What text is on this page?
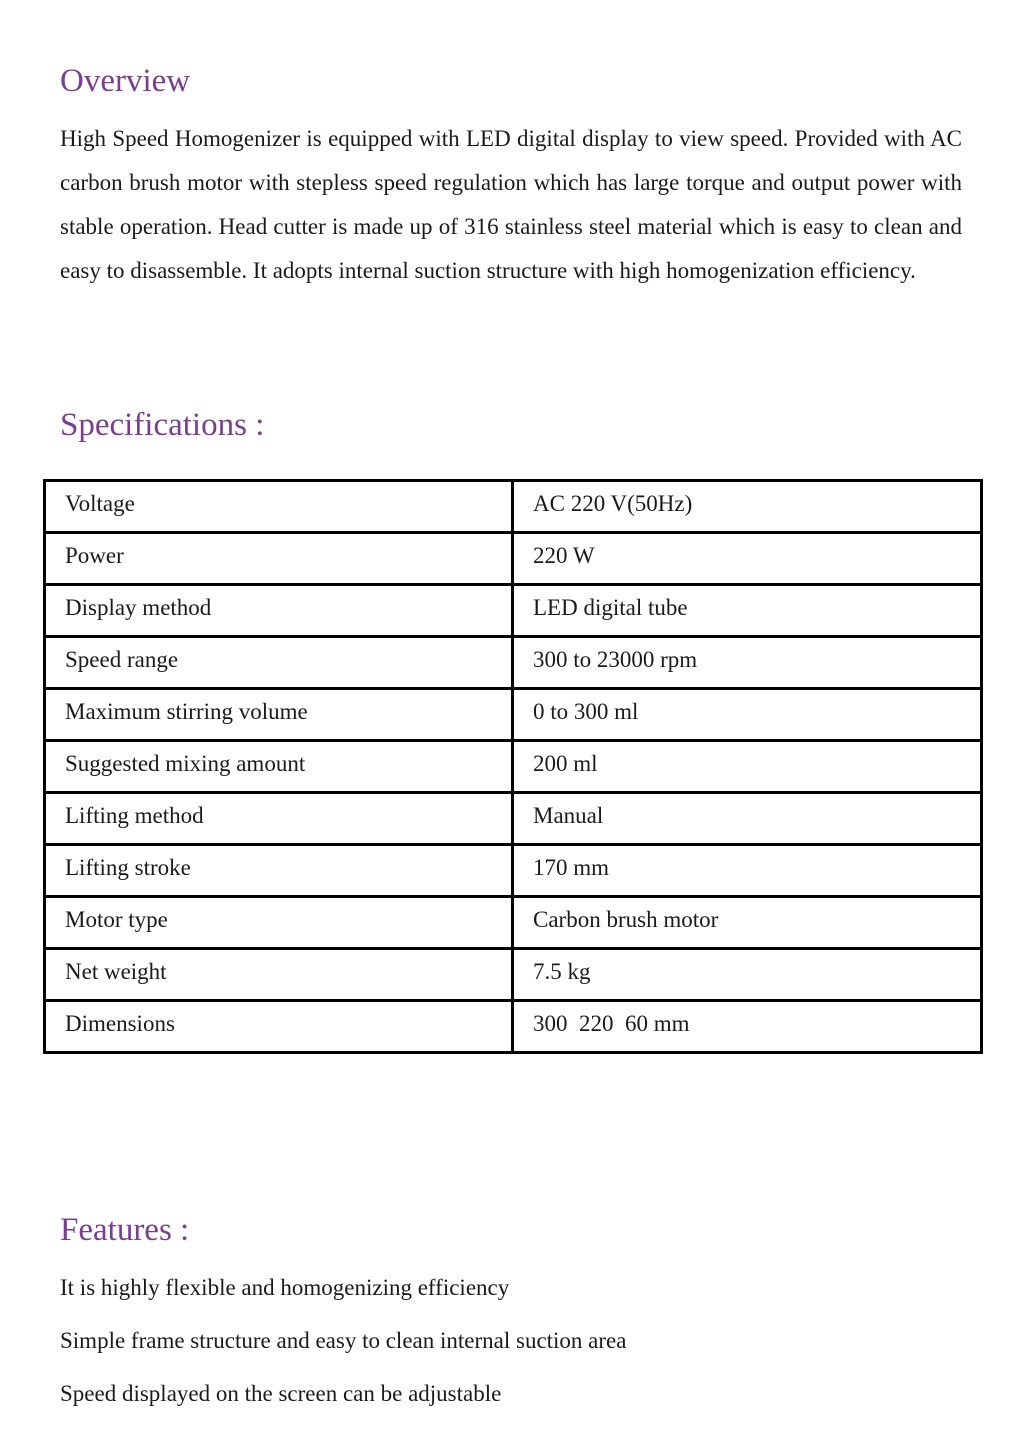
Overview

High Speed Homogenizer is equipped with LED digital display to view speed. Provided with AC carbon brush motor with stepless speed regulation which has large torque and output power with stable operation. Head cutter is made up of 316 stainless steel material which is easy to clean and easy to disassemble. It adopts internal suction structure with high homogenization efficiency.

Specifications :
Voltage	AC 220 V(50Hz)
Power	220 W
Display method	LED digital tube
Speed range	300 to 23000 rpm
Maximum stirring volume	0 to 300 ml
Suggested mixing amount	200 ml
Lifting method	Manual
Lifting stroke	170 mm
Motor type	Carbon brush motor
Net weight	7.5 kg
Dimensions	300  220  60 mm
Features :
It is highly flexible and homogenizing efficiency
Simple frame structure and easy to clean internal suction area
Speed displayed on the screen can be adjustable
